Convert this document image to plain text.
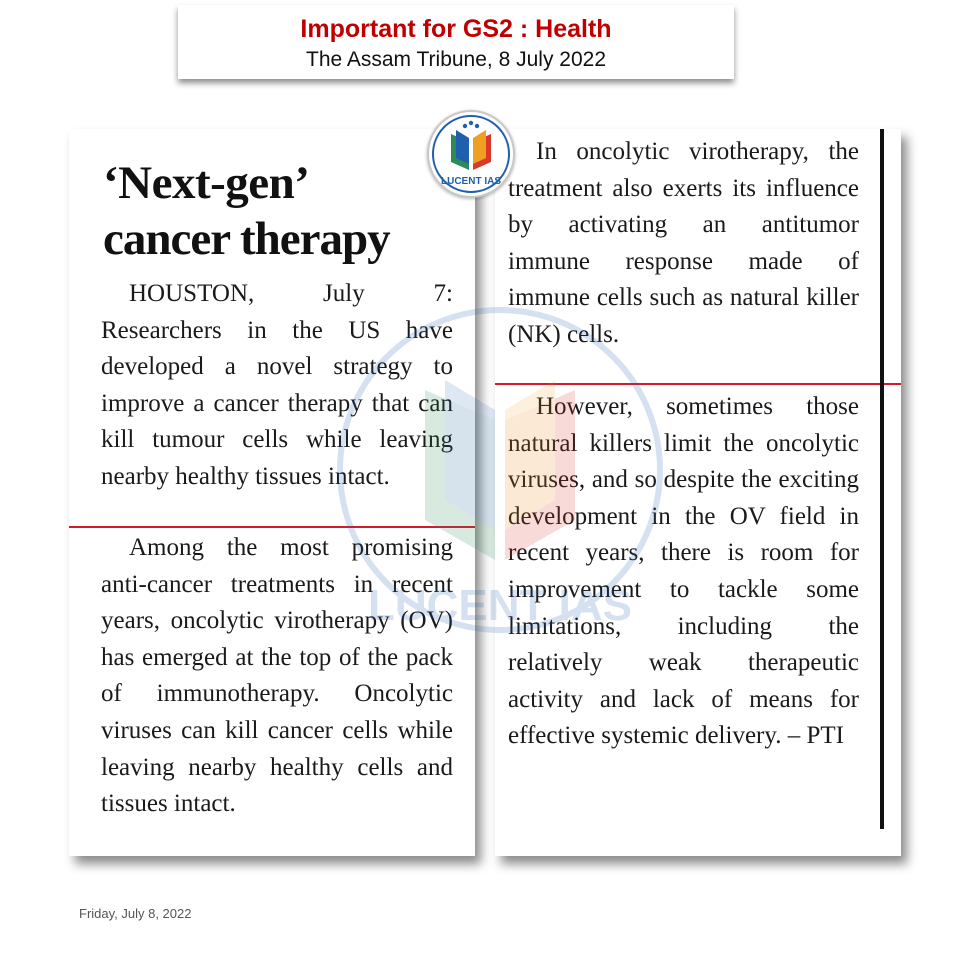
Important for GS2 : Health
The Assam Tribune, 8 July 2022
‘Next-gen’
cancer therapy
HOUSTON, July 7: Researchers in the US have developed a novel strategy to improve a cancer therapy that can kill tumour cells while leaving nearby healthy tissues intact.
Among the most promising anti-cancer treatments in recent years, oncolytic virotherapy (OV) has emerged at the top of the pack of immunotherapy. Oncolytic viruses can kill cancer cells while leaving nearby healthy cells and tissues intact.
In oncolytic virotherapy, the treatment also exerts its influence by activating an antitumor immune response made of immune cells such as natural killer (NK) cells.
However, sometimes those natural killers limit the oncolytic viruses, and so despite the exciting development in the OV field in recent years, there is room for improvement to tackle some limitations, including the relatively weak therapeutic activity and lack of means for effective systemic delivery. – PTI
LUCENT IAS
Friday, July 8, 2022
